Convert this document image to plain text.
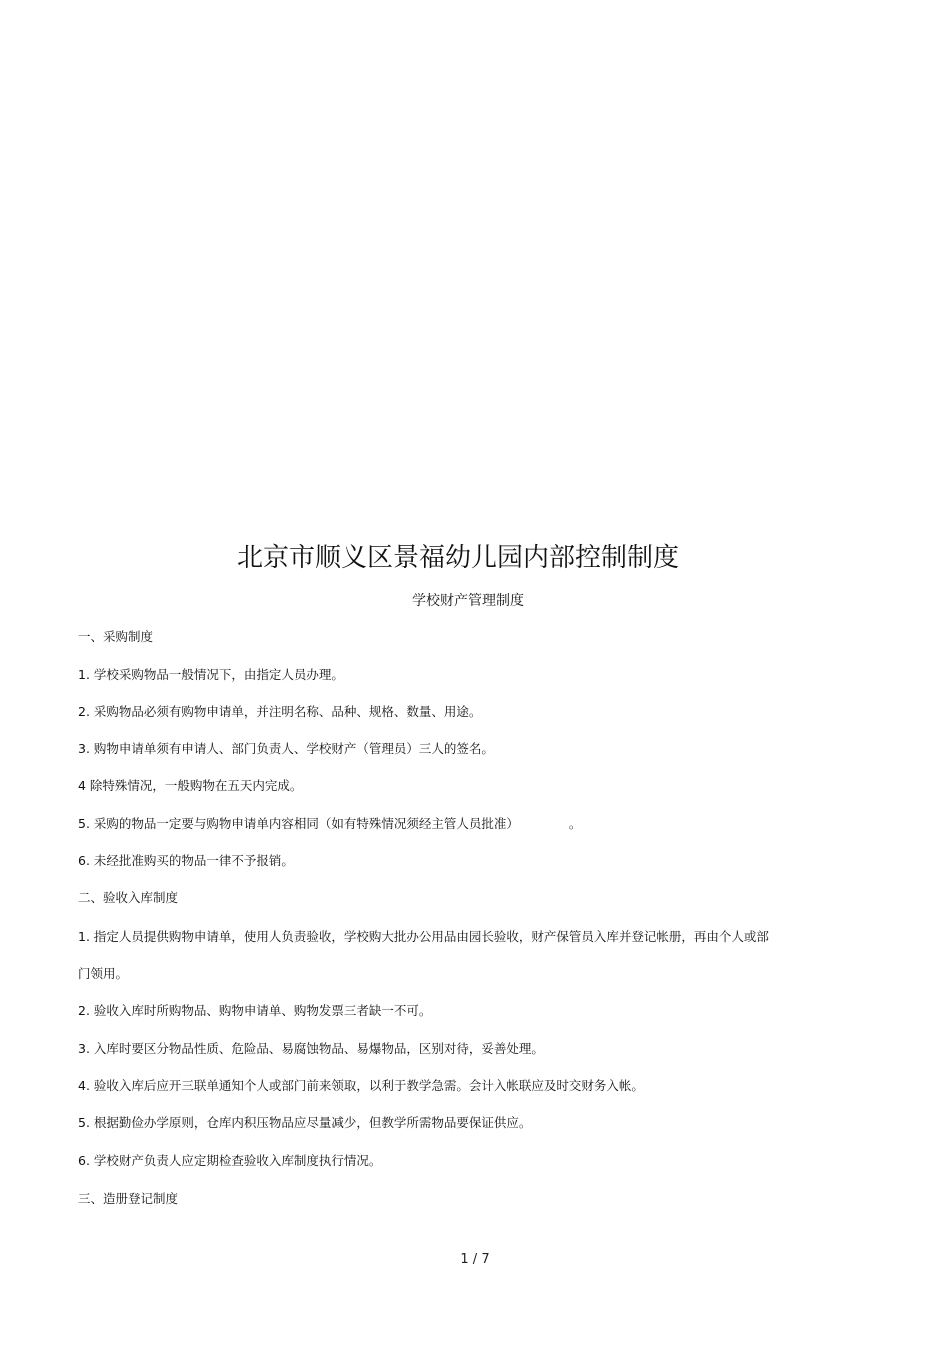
北京市顺义区景福幼儿园内部控制制度
学校财产管理制度
一、采购制度
1. 学校采购物品一般情况下，由指定人员办理。
2. 采购物品必须有购物申请单，并注明名称、品种、规格、数量、用途。
3. 购物申请单须有申请人、部门负责人、学校财产（管理员）三人的签名。
4 除特殊情况，一般购物在五天内完成。
5. 采购的物品一定要与购物申请单内容相同（如有特殊情况须经主管人员批准）	。
6. 未经批准购买的物品一律不予报销。
二、验收入库制度
1. 指定人员提供购物申请单，使用人负责验收，学校购大批办公用品由园长验收，财产保管员入库并登记帐册，再由个人或部
门领用。
2. 验收入库时所购物品、购物申请单、购物发票三者缺一不可。
3. 入库时要区分物品性质、危险品、易腐蚀物品、易爆物品，区别对待，妥善处理。
4. 验收入库后应开三联单通知个人或部门前来领取，以利于教学急需。会计入帐联应及时交财务入帐。
5. 根据勤俭办学原则，仓库内积压物品应尽量减少，但教学所需物品要保证供应。
6. 学校财产负责人应定期检查验收入库制度执行情况。
三、造册登记制度
1 / 7
